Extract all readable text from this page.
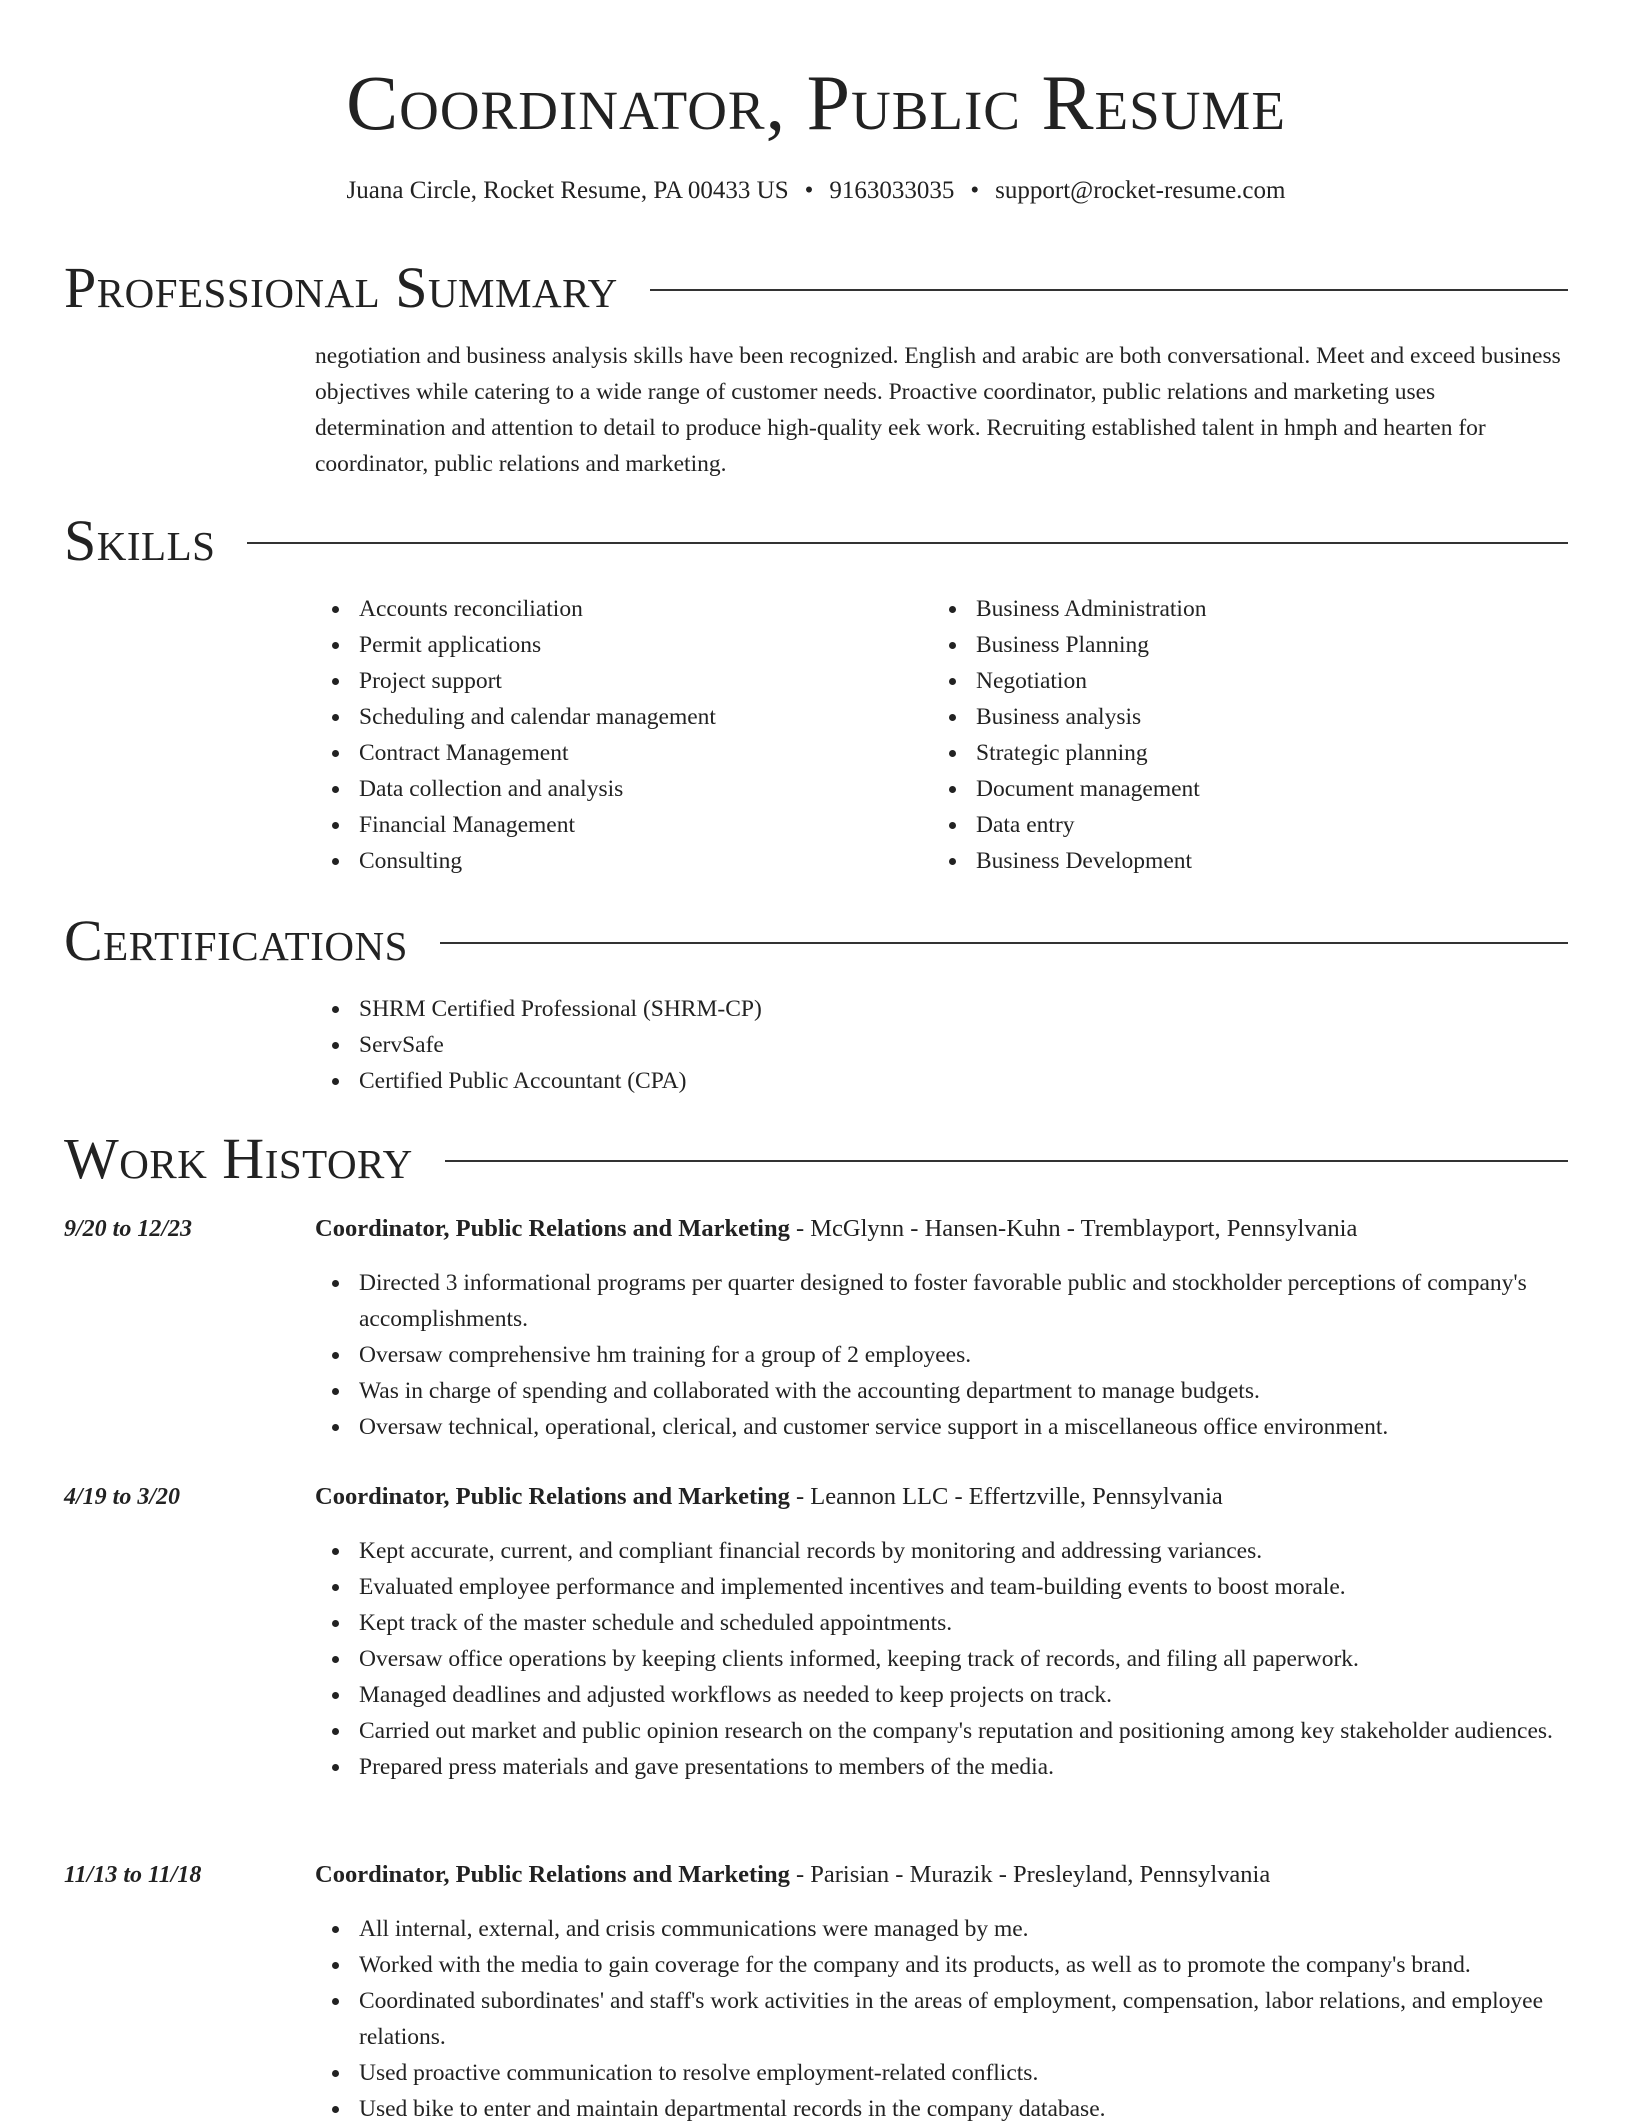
Coordinator, Public Resume
Juana Circle, Rocket Resume, PA 00433 US • 9163033035 • support@rocket-resume.com
Professional Summary

negotiation and business analysis skills have been recognized. English and arabic are both conversational. Meet and exceed business objectives while catering to a wide range of customer needs. Proactive coordinator, public relations and marketing uses determination and attention to detail to produce high-quality eek work. Recruiting established talent in hmph and hearten for coordinator, public relations and marketing.

Skills
Accounts reconciliation
Permit applications
Project support
Scheduling and calendar management
Contract Management
Data collection and analysis
Financial Management
Consulting
Business Administration
Business Planning
Negotiation
Business analysis
Strategic planning
Document management
Data entry
Business Development
Certifications
SHRM Certified Professional (SHRM-CP)
ServSafe
Certified Public Accountant (CPA)
Work History
9/20 to 12/23	Coordinator, Public Relations and Marketing - McGlynn - Hansen-Kuhn - Tremblayport, Pennsylvania
Directed 3 informational programs per quarter designed to foster favorable public and stockholder perceptions of company's accomplishments.
Oversaw comprehensive hm training for a group of 2 employees.
Was in charge of spending and collaborated with the accounting department to manage budgets.
Oversaw technical, operational, clerical, and customer service support in a miscellaneous office environment.
4/19 to 3/20	Coordinator, Public Relations and Marketing - Leannon LLC - Effertzville, Pennsylvania
Kept accurate, current, and compliant financial records by monitoring and addressing variances.
Evaluated employee performance and implemented incentives and team-building events to boost morale.
Kept track of the master schedule and scheduled appointments.
Oversaw office operations by keeping clients informed, keeping track of records, and filing all paperwork.
Managed deadlines and adjusted workflows as needed to keep projects on track.
Carried out market and public opinion research on the company's reputation and positioning among key stakeholder audiences.
Prepared press materials and gave presentations to members of the media.
11/13 to 11/18	Coordinator, Public Relations and Marketing - Parisian - Murazik - Presleyland, Pennsylvania
All internal, external, and crisis communications were managed by me.
Worked with the media to gain coverage for the company and its products, as well as to promote the company's brand.
Coordinated subordinates' and staff's work activities in the areas of employment, compensation, labor relations, and employee relations.
Used proactive communication to resolve employment-related conflicts.
Used bike to enter and maintain departmental records in the company database.
